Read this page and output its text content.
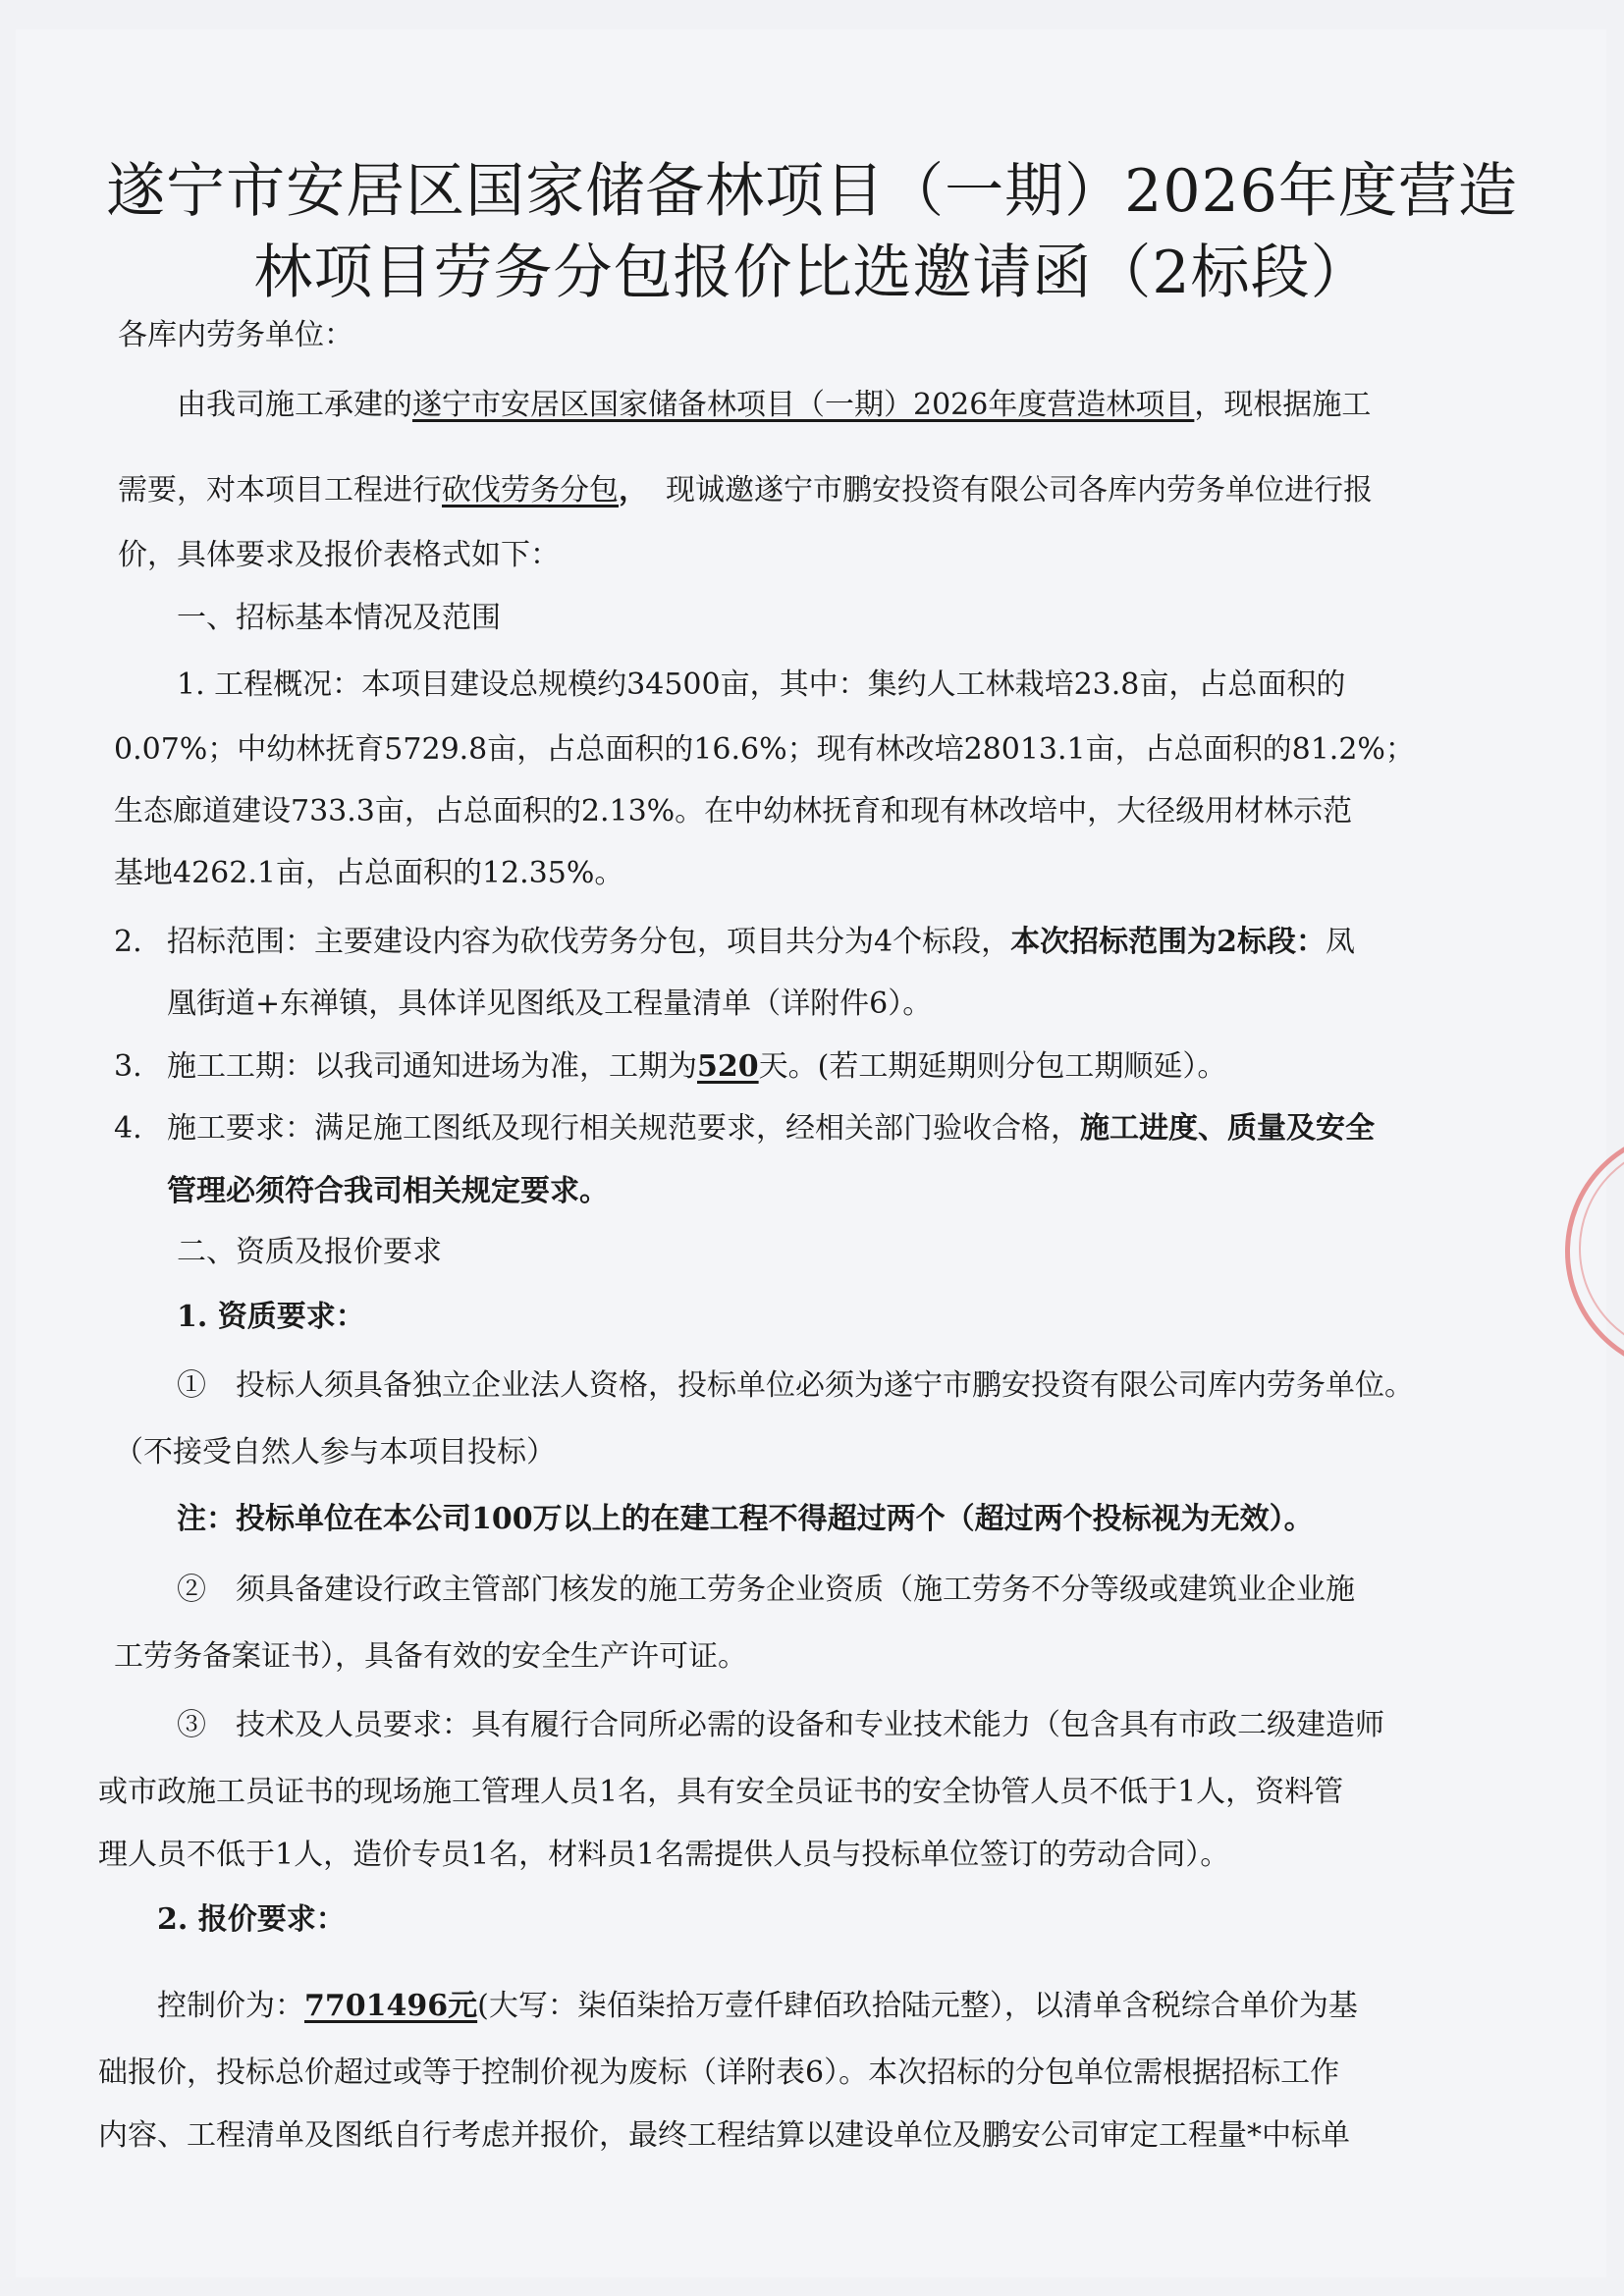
遂宁市安居区国家储备林项目（一期）2026年度营造
林项目劳务分包报价比选邀请函（2标段）
各库内劳务单位：
由我司施工承建的遂宁市安居区国家储备林项目（一期）2026年度营造林项目，现根据施工
需要，对本项目工程进行砍伐劳务分包， 现诚邀遂宁市鹏安投资有限公司各库内劳务单位进行报
价，具体要求及报价表格式如下：
一、招标基本情况及范围
1. 工程概况：本项目建设总规模约34500亩，其中：集约人工林栽培23.8亩，占总面积的
0.07%；中幼林抚育5729.8亩，占总面积的16.6%；现有林改培28013.1亩，占总面积的81.2%；
生态廊道建设733.3亩，占总面积的2.13%。在中幼林抚育和现有林改培中，大径级用材林示范
基地4262.1亩，占总面积的12.35%。
2. 招标范围：主要建设内容为砍伐劳务分包，项目共分为4个标段，本次招标范围为2标段：凤
凰街道+东禅镇，具体详见图纸及工程量清单（详附件6）。
3. 施工工期：以我司通知进场为准，工期为520天。(若工期延期则分包工期顺延）。
4. 施工要求：满足施工图纸及现行相关规范要求，经相关部门验收合格，施工进度、质量及安全
管理必须符合我司相关规定要求。
二、资质及报价要求
1. 资质要求：
①　投标人须具备独立企业法人资格，投标单位必须为遂宁市鹏安投资有限公司库内劳务单位。
（不接受自然人参与本项目投标）
注：投标单位在本公司100万以上的在建工程不得超过两个（超过两个投标视为无效）。
②　须具备建设行政主管部门核发的施工劳务企业资质（施工劳务不分等级或建筑业企业施
工劳务备案证书），具备有效的安全生产许可证。
③　技术及人员要求：具有履行合同所必需的设备和专业技术能力（包含具有市政二级建造师
或市政施工员证书的现场施工管理人员1名，具有安全员证书的安全协管人员不低于1人，资料管
理人员不低于1人，造价专员1名，材料员1名需提供人员与投标单位签订的劳动合同）。
2. 报价要求：
控制价为：7701496元(大写：柒佰柒拾万壹仟肆佰玖拾陆元整），以清单含税综合单价为基
础报价，投标总价超过或等于控制价视为废标（详附表6）。本次招标的分包单位需根据招标工作
内容、工程清单及图纸自行考虑并报价，最终工程结算以建设单位及鹏安公司审定工程量*中标单
